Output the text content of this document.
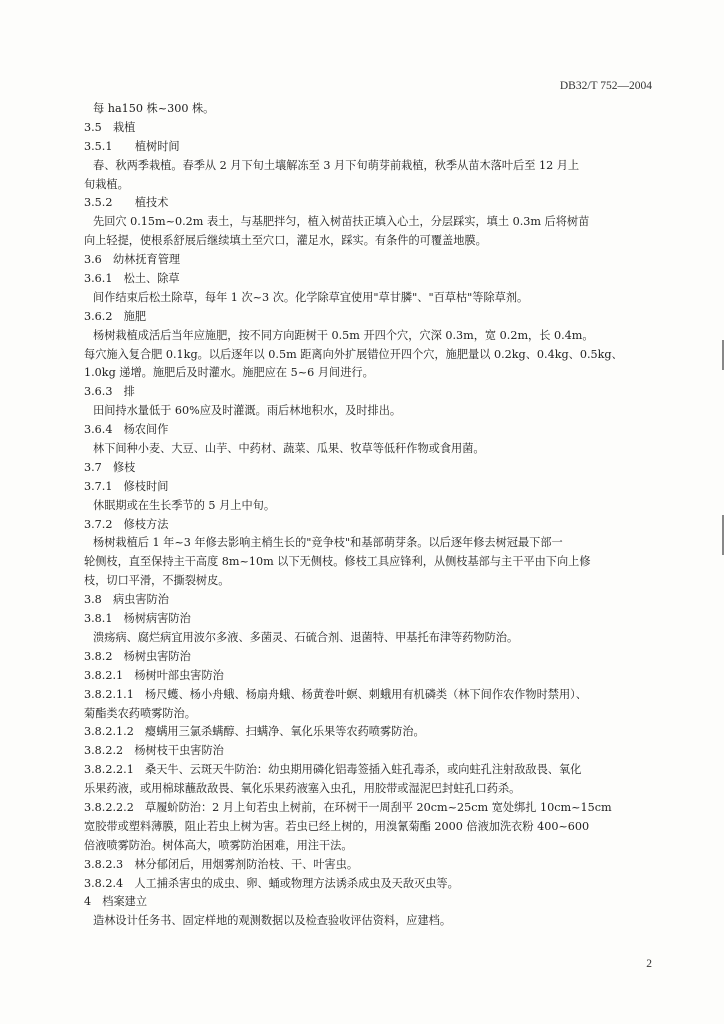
DB32/T 752—2004
每 ha150 株~300 株。
3.5　栽植
3.5.1　　植树时间
春、秋两季栽植。春季从 2 月下旬土壤解冻至 3 月下旬萌芽前栽植，秋季从苗木落叶后至 12 月上
旬栽植。
3.5.2　　植技术
先回穴 0.15m~0.2m 表土，与基肥拌匀，植入树苗扶正填入心土，分层踩实，填土 0.3m 后将树苗
向上轻提，使根系舒展后继续填土至穴口，灌足水，踩实。有条件的可覆盖地膜。
3.6　幼林抚育管理
3.6.1　松土、除草
间作结束后松土除草，每年 1 次~3 次。化学除草宜使用"草甘膦"、"百草枯"等除草剂。
3.6.2　施肥
杨树栽植成活后当年应施肥，按不同方向距树干 0.5m 开四个穴，穴深 0.3m，宽 0.2m，长 0.4m。
每穴施入复合肥 0.1kg。以后逐年以 0.5m 距离向外扩展错位开四个穴，施肥量以 0.2kg、0.4kg、0.5kg、
1.0kg 递增。施肥后及时灌水。施肥应在 5~6 月间进行。
3.6.3　排
田间持水量低于 60%应及时灌溉。雨后林地积水，及时排出。
3.6.4　杨农间作
林下间种小麦、大豆、山芋、中药材、蔬菜、瓜果、牧草等低秆作物或食用菌。
3.7　修枝
3.7.1　修枝时间
休眠期或在生长季节的 5 月上中旬。
3.7.2　修枝方法
杨树栽植后 1 年~3 年修去影响主梢生长的"竞争枝"和基部萌芽条。以后逐年修去树冠最下部一
轮侧枝，直至保持主干高度 8m~10m 以下无侧枝。修枝工具应锋利，从侧枝基部与主干平由下向上修
枝，切口平滑，不撕裂树皮。
3.8　病虫害防治
3.8.1　杨树病害防治
溃疡病、腐烂病宜用波尔多液、多菌灵、石硫合剂、退菌特、甲基托布津等药物防治。
3.8.2　杨树虫害防治
3.8.2.1　杨树叶部虫害防治
3.8.2.1.1　杨尺蠖、杨小舟蛾、杨扇舟蛾、杨黄卷叶螟、刺蛾用有机磷类（林下间作农作物时禁用）、
菊酯类农药喷雾防治。
3.8.2.1.2　瘿螨用三氯杀螨醇、扫螨净、氧化乐果等农药喷雾防治。
3.8.2.2　杨树枝干虫害防治
3.8.2.2.1　桑天牛、云斑天牛防治：幼虫期用磷化铝毒签插入蛀孔毒杀，或向蛀孔注射敌敌畏、氧化
乐果药液，或用棉球蘸敌敌畏、氧化乐果药液塞入虫孔，用胶带或湿泥巴封蛀孔口药杀。
3.8.2.2.2　草履蚧防治：2 月上旬若虫上树前，在环树干一周刮平 20cm~25cm 宽处绑扎 10cm~15cm
宽胶带或塑料薄膜，阻止若虫上树为害。若虫已经上树的，用溴氰菊酯 2000 倍液加洗衣粉 400~600
倍液喷雾防治。树体高大，喷雾防治困难，用注干法。
3.8.2.3　林分郁闭后，用烟雾剂防治枝、干、叶害虫。
3.8.2.4　人工捕杀害虫的成虫、卵、蛹或物理方法诱杀成虫及天敌灭虫等。
4　档案建立
造林设计任务书、固定样地的观测数据以及检查验收评估资料，应建档。
2
